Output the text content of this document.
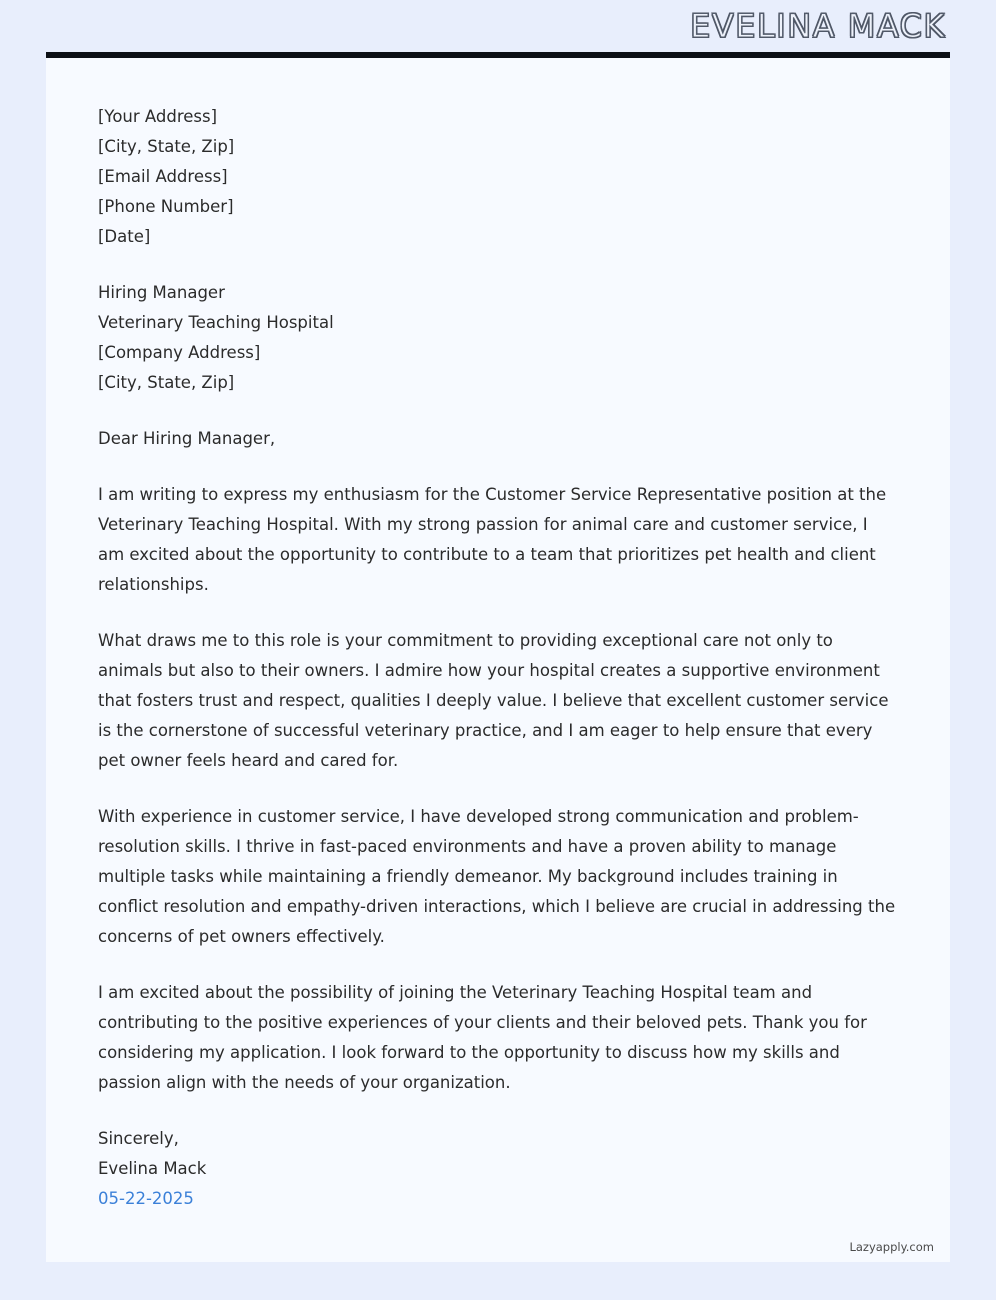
EVELINA MACK
[Your Address]
[City, State, Zip]
[Email Address]
[Phone Number]
[Date]
Hiring Manager
Veterinary Teaching Hospital
[Company Address]
[City, State, Zip]
Dear Hiring Manager,
I am writing to express my enthusiasm for the Customer Service Representative position at the Veterinary Teaching Hospital. With my strong passion for animal care and customer service, I am excited about the opportunity to contribute to a team that prioritizes pet health and client relationships.
What draws me to this role is your commitment to providing exceptional care not only to animals but also to their owners. I admire how your hospital creates a supportive environment that fosters trust and respect, qualities I deeply value. I believe that excellent customer service is the cornerstone of successful veterinary practice, and I am eager to help ensure that every pet owner feels heard and cared for.
With experience in customer service, I have developed strong communication and problem-resolution skills. I thrive in fast-paced environments and have a proven ability to manage multiple tasks while maintaining a friendly demeanor. My background includes training in conflict resolution and empathy-driven interactions, which I believe are crucial in addressing the concerns of pet owners effectively.
I am excited about the possibility of joining the Veterinary Teaching Hospital team and contributing to the positive experiences of your clients and their beloved pets. Thank you for considering my application. I look forward to the opportunity to discuss how my skills and passion align with the needs of your organization.
Sincerely,
Evelina Mack
05-22-2025
Lazyapply.com
